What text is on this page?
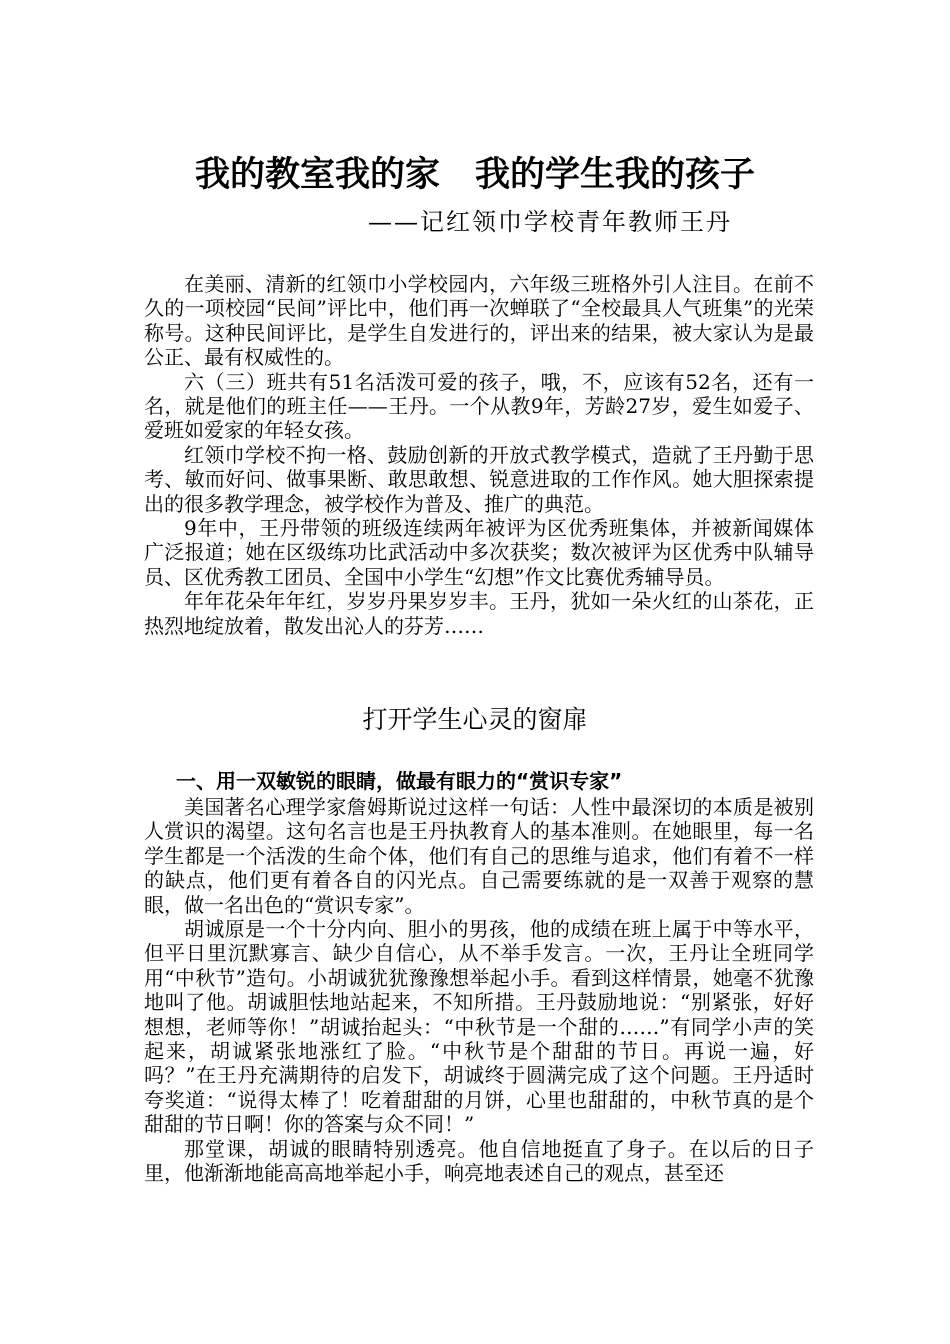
我的教室我的家　我的学生我的孩子
——记红领巾学校青年教师王丹

在美丽、清新的红领巾小学校园内，六年级三班格外引人注目。在前不久的一项校园“民间”评比中，他们再一次蝉联了“全校最具人气班集”的光荣称号。这种民间评比，是学生自发进行的，评出来的结果，被大家认为是最公正、最有权威性的。

六（三）班共有51名活泼可爱的孩子，哦，不，应该有52名，还有一名，就是他们的班主任——王丹。一个从教9年，芳龄27岁，爱生如爱子、爱班如爱家的年轻女孩。

红领巾学校不拘一格、鼓励创新的开放式教学模式，造就了王丹勤于思考、敏而好问、做事果断、敢思敢想、锐意进取的工作作风。她大胆探索提出的很多教学理念，被学校作为普及、推广的典范。

9年中，王丹带领的班级连续两年被评为区优秀班集体，并被新闻媒体广泛报道；她在区级练功比武活动中多次获奖；数次被评为区优秀中队辅导员、区优秀教工团员、全国中小学生“幻想”作文比赛优秀辅导员。

年年花朵年年红，岁岁丹果岁岁丰。王丹，犹如一朵火红的山茶花，正热烈地绽放着，散发出沁人的芬芳……

打开学生心灵的窗扉
一、用一双敏锐的眼睛，做最有眼力的“赏识专家”

美国著名心理学家詹姆斯说过这样一句话：人性中最深切的本质是被别人赏识的渴望。这句名言也是王丹执教育人的基本准则。在她眼里，每一名学生都是一个活泼的生命个体，他们有自己的思维与追求，他们有着不一样的缺点，他们更有着各自的闪光点。自己需要练就的是一双善于观察的慧眼，做一名出色的“赏识专家”。

胡诚原是一个十分内向、胆小的男孩，他的成绩在班上属于中等水平，但平日里沉默寡言、缺少自信心，从不举手发言。一次，王丹让全班同学用“中秋节”造句。小胡诚犹犹豫豫想举起小手。看到这样情景，她毫不犹豫地叫了他。胡诚胆怯地站起来，不知所措。王丹鼓励地说：“别紧张，好好想想，老师等你！”胡诚抬起头：“中秋节是一个甜的……”有同学小声的笑起来，胡诚紧张地涨红了脸。“中秋节是个甜甜的节日。再说一遍，好吗？”在王丹充满期待的启发下，胡诚终于圆满完成了这个问题。王丹适时夸奖道：“说得太棒了！吃着甜甜的月饼，心里也甜甜的，中秋节真的是个甜甜的节日啊！你的答案与众不同！”

那堂课，胡诚的眼睛特别透亮。他自信地挺直了身子。在以后的日子里，他渐渐地能高高地举起小手，响亮地表述自己的观点，甚至还
